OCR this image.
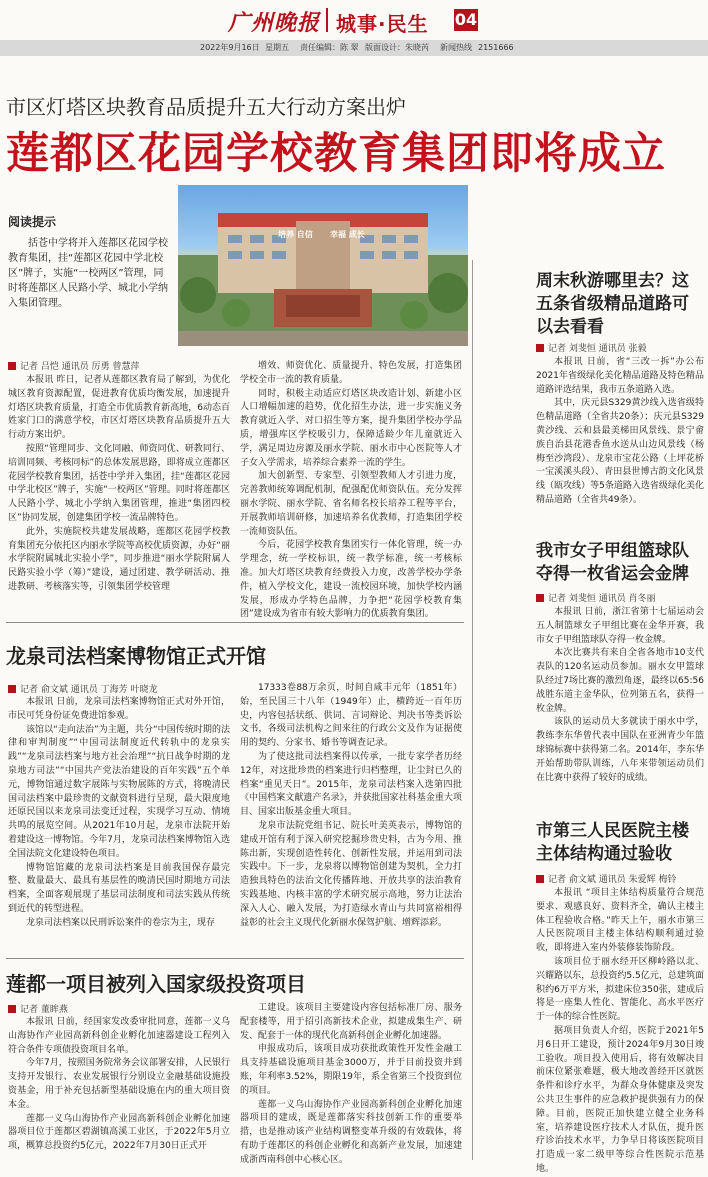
广州晚报 城事·民生 04
2022年9月16日 星期五 责任编辑：陈 翠 版面设计：朱晓芮 新闻热线 2151666
市区灯塔区块教育品质提升五大行动方案出炉
莲都区花园学校教育集团即将成立
培养 自信 幸福 成长
阅读提示
括苍中学将并入莲都区花园学校教育集团，挂“莲都区花园中学北校区”牌子，实施“一校两区”管理，同时将莲都区人民路小学、城北小学纳入集团管理。
记者 吕恺 通讯员 厉勇 曾慧萍

本报讯 昨日，记者从莲都区教育局了解到，为优化城区教育资源配置，促进教育优质均衡发展，加速提升灯塔区块教育质量，打造全市优质教育新高地，6动态百姓家门口的满意学校，市区灯塔区块教育品质提升五大行动方案出炉。

按照“管理同步、文化同融、师资同优、研教同行、培训同频、考核同标”的总体发展思路，即将成立莲都区花园学校教育集团，括苍中学并入集团，挂“莲都区花园中学北校区”牌子，实施“一校两区”管理。同时将莲都区人民路小学、城北小学纳入集团管理，推进“集团四校区”协同发展，创建集团学校一流品牌特色。

此外，实施院校共建发展战略，莲都区花园学校教育集团充分依托区内丽水学院等高校优质资源，办好“丽水学院附属城北实验小学”，同步推进“丽水学院附属人民路实验小学（筹）”建设，通过团建、教学研活动、推进教研、考核落实等，引领集团学校管理

增效、师资优化、质量提升、特色发展，打造集团学校全市一流的教育质量。

同时，积极主动适应灯塔区块改造计划、新建小区人口增幅加速的趋势，优化招生办法，进一步实施义务教育就近入学、对口招生等方案，提升集团学校办学品质，增强库区学校吸引力，保障适龄少年儿童就近入学，满足周边房源及丽水学院、丽水市中心医院等人才子女入学需求，培养综合素养一流的学生。

加大创新型、专家型、引领型教师人才引进力度，完善教师统筹调配机制，配强配优师资队伍。充分发挥丽水学院、丽水学院、省名师名校长培养工程等平台，开展教师培训研修，加速培养名优教师，打造集团学校一流师资队伍。

今后，花园学校教育集团实行一体化管理，统一办学理念，统一学校标识，统一教学标准，统一考核标准。加大灯塔区块教育经费投入力度，改善学校办学条件，植入学校文化，建设一流校园环境，加快学校内涵发展，形成办学特色品牌，力争把“花园学校教育集团”建设成为省市有较大影响力的优质教育集团。

龙泉司法档案博物馆正式开馆
记者 俞文斌 通讯员 丁海芳 叶晓龙

本报讯 日前，龙泉司法档案博物馆正式对外开馆，市民可凭身份证免费进馆参观。

该馆以“走向法治”为主题，共分“中国传统时期的法律和审判制度”“中国司法制度近代转轨中的龙泉实践”“龙泉司法档案与地方社会治理”“抗日战争时期的龙泉地方司法”“中国共产党法治建设的百年实践”五个单元，博物馆通过数字展陈与实物展陈的方式，将晚清民国司法档案中最珍贵的文献资料进行呈现，最大限度地还原民国以来龙泉司法变迁过程，实现学习互动、情境共鸣的展览空间。从2021年10月起，龙泉市法院开始着建设这一博物馆。今年7月，龙泉司法档案博物馆入选全国法院文化建设特色项目。

博物馆馆藏的龙泉司法档案是目前我国保存最完整、数量最大、最具有基层性的晚清民国时期地方司法档案，全面客观展现了基层司法制度和司法实践从传统到近代的转型进程。

龙泉司法档案以民刑诉讼案件的卷宗为主，现存

17333卷88万余页，时间自咸丰元年（1851年）始，至民国三十八年（1949年）止，横跨近一百年历史，内容包括状纸、供词、言词辩论、判决书等类诉讼文书，各级司法机构之间来往的行政公文及作为证据使用的契约、分家书、婚书等调查记录。

为了使这批司法档案得以传承，一批专家学者历经12年，对这批珍贵的档案进行归档整理，让尘封已久的档案“重见天日”。2015年，龙泉司法档案入选第四批《中国档案文献遗产名录》，并获批国家社科基金重大项目、国家出版基金重大项目。

龙泉市法院党组书记、院长叶美英表示，博物馆的建成开馆有利于深入研究挖掘珍贵史料，古为今用、推陈出新，实现创造性转化、创新性发展，并运用到司法实践中。下一步，龙泉将以博物馆创建为契机，全力打造独具特色的法治文化传播阵地、开放共享的法治教育实践基地、内核丰富的学术研究展示高地，努力让法治深入人心、融入发展，为打造绿水青山与共同富裕相得益彰的社会主义现代化新丽水保驾护航、增辉添彩。

莲都一项目被列入国家级投资项目
记者 董眸燕

本报讯 日前，经国家发改委审批同意，莲都一义乌山海协作产业园高新科创企业孵化加速器建设工程列入符合条件专项债投资项目名单。

今年7月，按照国务院常务会议部署安排，人民银行支持开发银行、农业发展银行分别设立金融基础设施投资基金，用于补充包括新型基础设施在内的重大项目资本金。

莲都一义乌山海协作产业园高新科创企业孵化加速器项目位于莲都区碧湖镇高溪工业区，于2022年5月立项，概算总投资约5亿元，2022年7月30日正式开

工建设。该项目主要建设内容包括标准厂房、服务配套楼等，用于招引高新技术企业，拟建成集生产、研发、配套于一体的现代化高新科创企业孵化加速器。

申报成功后，该项目成功获批政策性开发性金融工具支持基础设施项目基金3000万，并于目前投资并到账，年利率3.52%，期限19年，系全省第三个投资到位的项目。

莲都一义乌山海协作产业园高新科创企业孵化加速器项目的建成，既是莲都落实科技创新工作的重要举措，也是推动该产业结构调整变革升级的有效载体，将有助于莲都区的科创企业孵化和高新产业发展，加速建成浙西南科创中心核心区。

周末秋游哪里去？这五条省级精品道路可以去看看
记者 刘斐恒 通讯员 张毅

本报讯 日前，省“三改一拆”办公布2021年省级绿化美化精品道路及特色精品道路评选结果，我市五条道路入选。

其中，庆元县S329黄沙线入选省级特色精品道路（全省共20条）；庆元县S329黄沙线、云和县最美梯田风景线、景宁畲族自治县花港香鱼水送从山边风景线（杨梅至沙湾段）、龙泉市宝花公路（上坪花桥一宝溪溪头段）、青田县世博古韵文化风景线（瓯攻线）等5条道路入选省级绿化美化精品道路（全省共49条）。

我市女子甲组篮球队夺得一枚省运会金牌
记者 刘斐恒 通讯员 肖冬丽

本报讯 日前，浙江省第十七届运动会五人制篮球女子甲组比赛在金华开赛，我市女子甲组篮球队夺得一枚金牌。

本次比赛共有来自全省各地市10支代表队的120名运动员参加。丽水女甲篮球队经过7场比赛的激烈角逐，最终以65:56战胜东道主金华队，位列第五名，获得一枚金牌。

该队的运动员大多就读于丽水中学，教练李东华曾代表中国队在亚洲青少年篮球锦标赛中获得第二名。2014年，李东华开始帮助带队训练，八年来带领运动员们在比赛中获得了较好的成绩。

市第三人民医院主楼主体结构通过验收
记者 俞文斌 通讯员 朱爱辉 梅铃

本报讯 “项目主体结构质量符合规范要求、观感良好、资料齐全，确认主楼主体工程验收合格。”昨天上午，丽水市第三人民医院项目主楼主体结构顺利通过验收，即将进入室内外装修装饰阶段。

该项目位于丽水经开区柳岭路以北、兴耀路以东，总投资约5.5亿元，总建筑面积约6万平方米，拟建床位350张，建成后将是一座集人性化、智能化、高水平医疗于一体的综合性医院。

据项目负责人介绍，医院于2021年5月6日开工建设，预计2024年9月30日竣工验收。项目投入使用后，将有效解决目前床位紧张难题，极大地改善经开区就医条件和诊疗水平，为群众身体健康及突发公共卫生事件的应急救护提供强有力的保障。目前，医院正加快建立健全业务科室，培养建设医疗技术人才队伍，提升医疗诊治技术水平，力争早日将该医院项目打造成一家二级甲等综合性医院示范基地。
